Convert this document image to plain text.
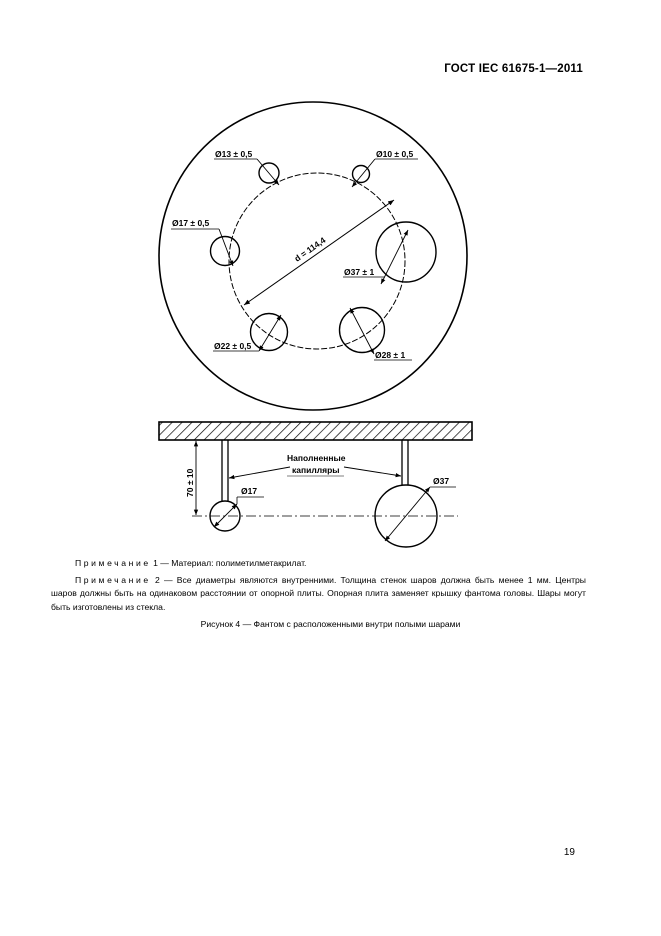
ГОСТ IEC 61675-1—2011
d = 114,4
Ø13 ± 0,5	Ø10 ± 0,5
Ø17 ± 0,5
Ø37 ± 1
Ø22 ± 0,5
Ø28 ± 1
70 ± 10
Наполненные
капилляры
Ø17
Ø37
Примечание 1 — Материал: полиметилметакрилат.
Примечание 2 — Все диаметры являются внутренними. Толщина стенок шаров должна быть менее 1 мм. Центры шаров должны быть на одинаковом расстоянии от опорной плиты. Опорная плита заменяет крышку фантома головы. Шары могут быть изготовлены из стекла.
Рисунок 4 — Фантом с расположенными внутри полыми шарами
19
